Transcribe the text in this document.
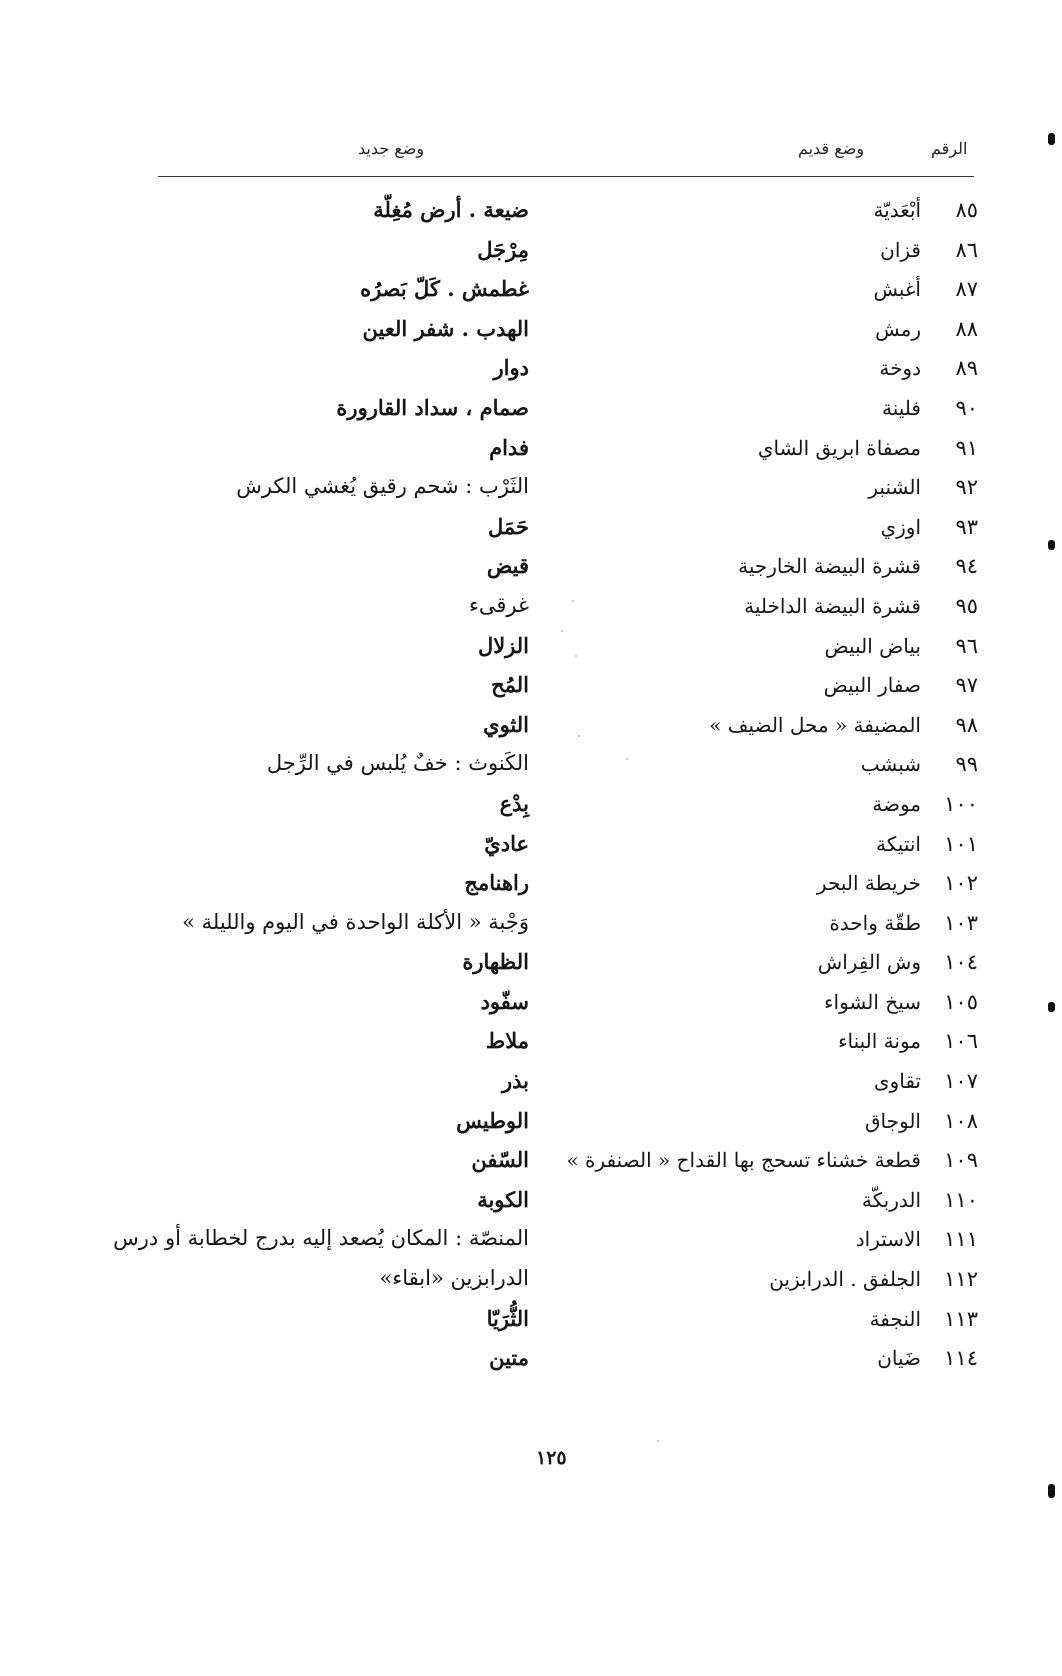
الرقم
وضع قديم
وضع جديد
٨٥
أبْعَديّة
ضيعة . أرض مُغِلّة
٨٦
قزان
مِرْجَل
٨٧
أغبش
غطمش . كَلّ بَصرُه
٨٨
رمش
الهدب . شفر العين
٨٩
دوخة
دوار
٩٠
فلينة
صمام ، سداد القارورة
٩١
مصفاة ابريق الشاي
فدام
٩٢
الشنبر
الثَرْب : شحم رقيق يُغشي الكرش
٩٣
اوزي
حَمَل
٩٤
قشرة البيضة الخارجية
قيض
٩٥
قشرة البيضة الداخلية
غرقىء
٩٦
بياض البيض
الزلال
٩٧
صفار البيض
المُح
٩٨
المضيفة « محل الضيف »
الثوي
٩٩
شبشب
الكَنوث : خفٌ يُلبس في الرِّجل
١٠٠
موضة
بِدْع
١٠١
انتيكة
عاديّ
١٠٢
خريطة البحر
راهنامج
١٠٣
طقّة واحدة
وَجْبة « الأكلة الواحدة في اليوم والليلة »
١٠٤
وش الفِراش
الظهارة
١٠٥
سيخ الشواء
سفّود
١٠٦
مونة البناء
ملاط
١٠٧
تقاوى
بذر
١٠٨
الوجاق
الوطيس
١٠٩
قطعة خشناء تسحج بها القداح « الصنفرة »
السّفن
١١٠
الدربكّة
الكوبة
١١١
الاستراد
المنصّة : المكان يُصعد إليه بدرج لخطابة أو درس
١١٢
الجلفق . الدرابزين
الدرابزين «ابقاء»
١١٣
النجفة
الثُّرَيّا
١١٤
ضَيان
متين
١٢٥
